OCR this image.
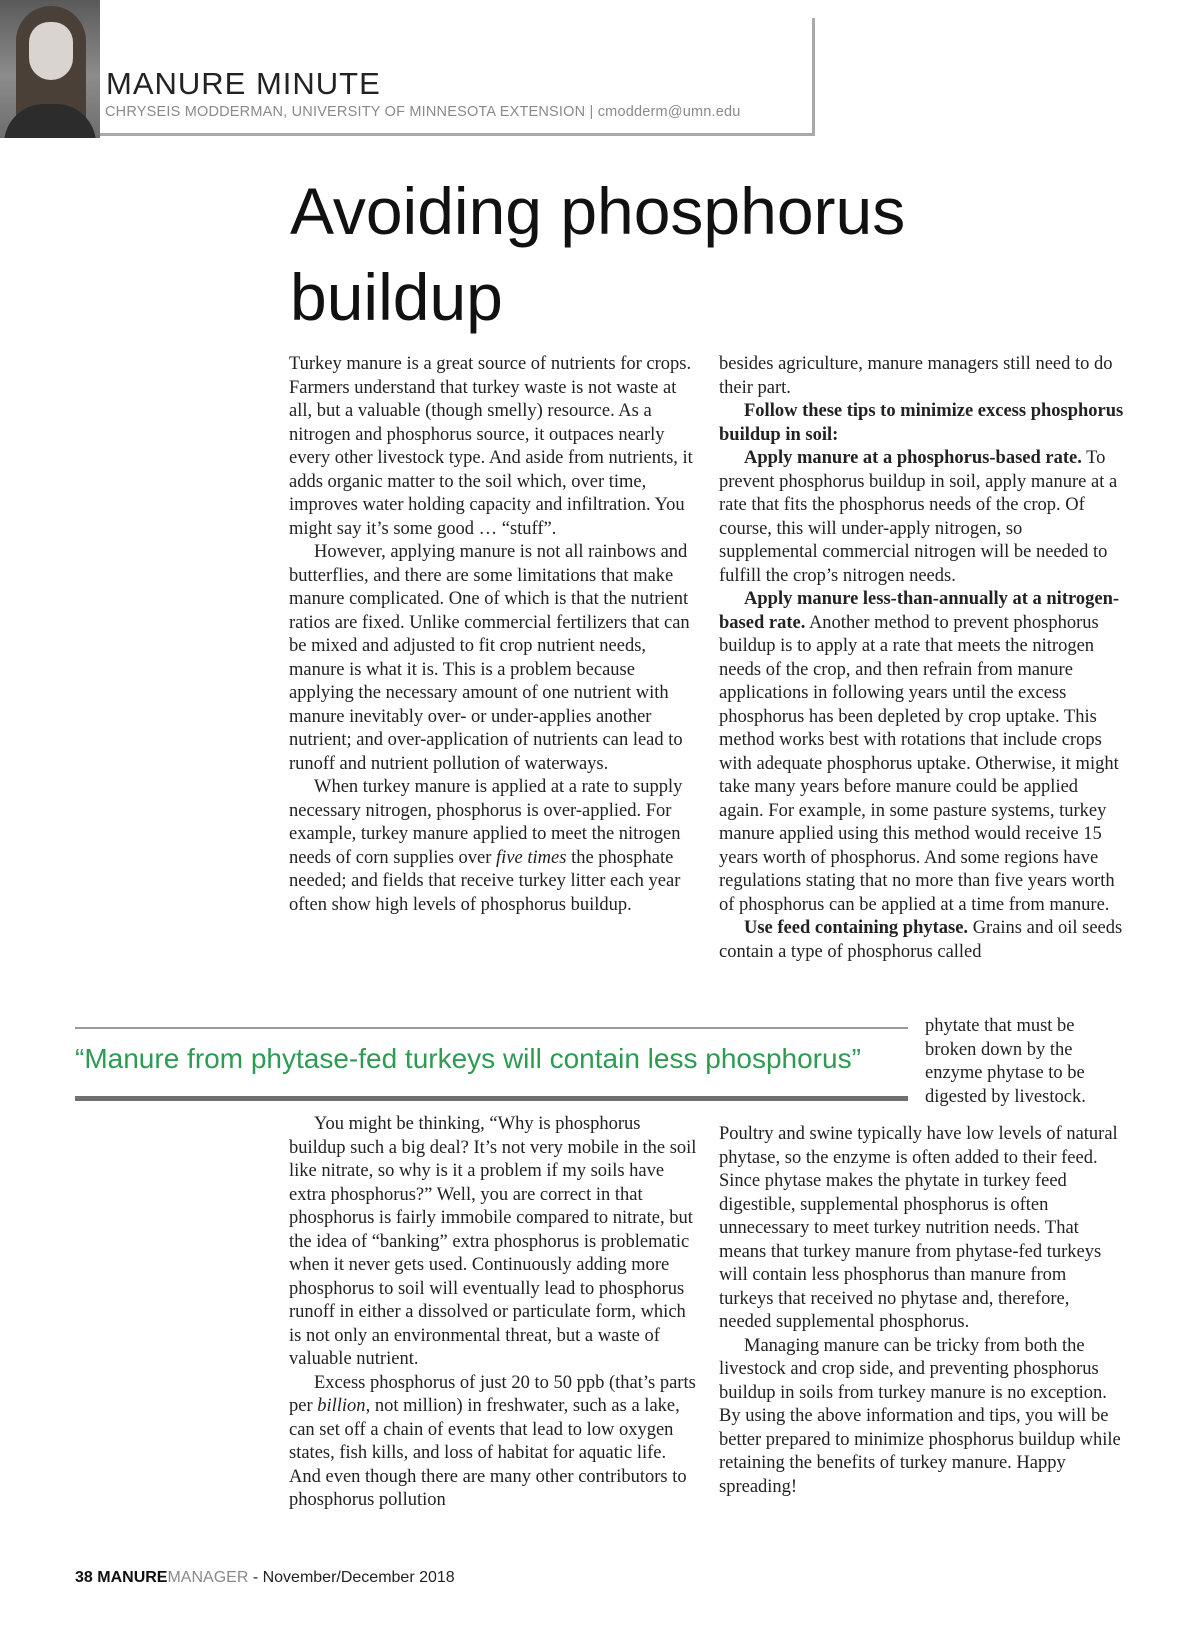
MANURE MINUTE
CHRYSEIS MODDERMAN, UNIVERSITY OF MINNESOTA EXTENSION | cmodderm@umn.edu
Avoiding phosphorus buildup

Turkey manure is a great source of nutrients for crops. Farmers understand that turkey waste is not waste at all, but a valuable (though smelly) resource. As a nitrogen and phosphorus source, it outpaces nearly every other livestock type. And aside from nutrients, it adds organic matter to the soil which, over time, improves water holding capacity and infiltration. You might say it’s some good … “stuff”.

However, applying manure is not all rainbows and butterflies, and there are some limitations that make manure complicated. One of which is that the nutrient ratios are fixed. Unlike commercial fertilizers that can be mixed and adjusted to fit crop nutrient needs, manure is what it is. This is a problem because applying the necessary amount of one nutrient with manure inevitably over- or under-applies another nutrient; and over-application of nutrients can lead to runoff and nutrient pollution of waterways.

When turkey manure is applied at a rate to supply necessary nitrogen, phosphorus is over-applied. For example, turkey manure applied to meet the nitrogen needs of corn supplies over five times the phosphate needed; and fields that receive turkey litter each year often show high levels of phosphorus buildup.

besides agriculture, manure managers still need to do their part.

Follow these tips to minimize excess phosphorus buildup in soil:

Apply manure at a phosphorus-based rate. To prevent phosphorus buildup in soil, apply manure at a rate that fits the phosphorus needs of the crop. Of course, this will under-apply nitrogen, so supplemental commercial nitrogen will be needed to fulfill the crop’s nitrogen needs.

Apply manure less-than-annually at a nitrogen-based rate. Another method to prevent phosphorus buildup is to apply at a rate that meets the nitrogen needs of the crop, and then refrain from manure applications in following years until the excess phosphorus has been depleted by crop uptake. This method works best with rotations that include crops with adequate phosphorus uptake. Otherwise, it might take many years before manure could be applied again. For example, in some pasture systems, turkey manure applied using this method would receive 15 years worth of phosphorus. And some regions have regulations stating that no more than five years worth of phosphorus can be applied at a time from manure.

Use feed containing phytase. Grains and oil seeds contain a type of phosphorus called

phytate that must be broken down by the enzyme phytase to be digested by livestock.

“Manure from phytase-fed turkeys will contain less phosphorus”

You might be thinking, “Why is phosphorus buildup such a big deal? It’s not very mobile in the soil like nitrate, so why is it a problem if my soils have extra phosphorus?” Well, you are correct in that phosphorus is fairly immobile compared to nitrate, but the idea of “banking” extra phosphorus is problematic when it never gets used. Continuously adding more phosphorus to soil will eventually lead to phosphorus runoff in either a dissolved or particulate form, which is not only an environmental threat, but a waste of valuable nutrient.

Excess phosphorus of just 20 to 50 ppb (that’s parts per billion, not million) in freshwater, such as a lake, can set off a chain of events that lead to low oxygen states, fish kills, and loss of habitat for aquatic life. And even though there are many other contributors to phosphorus pollution

Poultry and swine typically have low levels of natural phytase, so the enzyme is often added to their feed. Since phytase makes the phytate in turkey feed digestible, supplemental phosphorus is often unnecessary to meet turkey nutrition needs. That means that turkey manure from phytase-fed turkeys will contain less phosphorus than manure from turkeys that received no phytase and, therefore, needed supplemental phosphorus.

Managing manure can be tricky from both the livestock and crop side, and preventing phosphorus buildup in soils from turkey manure is no exception. By using the above information and tips, you will be better prepared to minimize phosphorus buildup while retaining the benefits of turkey manure. Happy spreading!

38 MANUREMANAGER - November/December 2018
